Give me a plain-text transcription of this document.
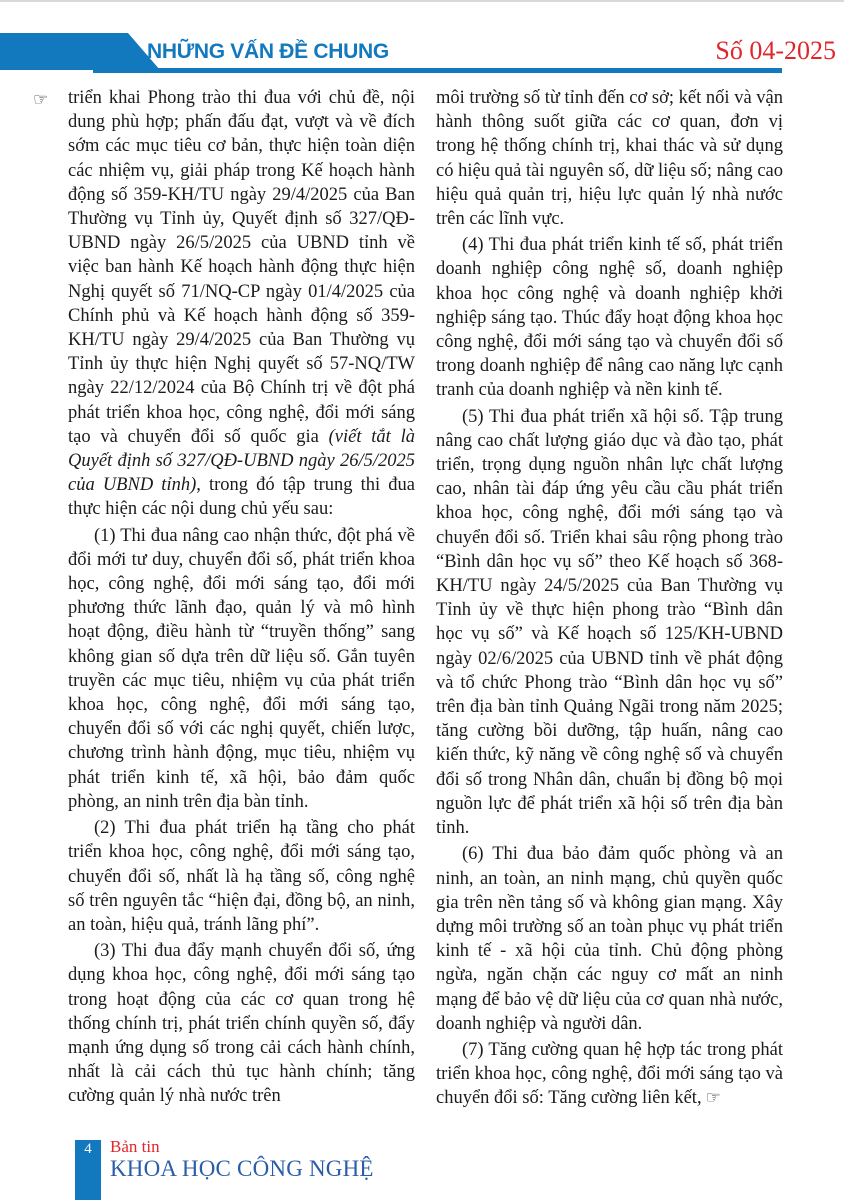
NHỮNG VẤN ĐỀ CHUNG	Số 04-2025
☞ triển khai Phong trào thi đua với chủ đề, nội dung phù hợp; phấn đấu đạt, vượt và về đích sớm các mục tiêu cơ bản, thực hiện toàn diện các nhiệm vụ, giải pháp trong Kế hoạch hành động số 359-KH/TU ngày 29/4/2025 của Ban Thường vụ Tỉnh ủy, Quyết định số 327/QĐ-UBND ngày 26/5/2025 của UBND tỉnh về việc ban hành Kế hoạch hành động thực hiện Nghị quyết số 71/NQ-CP ngày 01/4/2025 của Chính phủ và Kế hoạch hành động số 359-KH/TU ngày 29/4/2025 của Ban Thường vụ Tỉnh ủy thực hiện Nghị quyết số 57-NQ/TW ngày 22/12/2024 của Bộ Chính trị về đột phá phát triển khoa học, công nghệ, đổi mới sáng tạo và chuyển đổi số quốc gia (viết tắt là Quyết định số 327/QĐ-UBND ngày 26/5/2025 của UBND tỉnh), trong đó tập trung thi đua thực hiện các nội dung chủ yếu sau:

(1) Thi đua nâng cao nhận thức, đột phá về đổi mới tư duy, chuyển đổi số, phát triển khoa học, công nghệ, đổi mới sáng tạo, đổi mới phương thức lãnh đạo, quản lý và mô hình hoạt động, điều hành từ “truyền thống” sang không gian số dựa trên dữ liệu số. Gắn tuyên truyền các mục tiêu, nhiệm vụ của phát triển khoa học, công nghệ, đổi mới sáng tạo, chuyển đổi số với các nghị quyết, chiến lược, chương trình hành động, mục tiêu, nhiệm vụ phát triển kinh tế, xã hội, bảo đảm quốc phòng, an ninh trên địa bàn tỉnh.

(2) Thi đua phát triển hạ tầng cho phát triển khoa học, công nghệ, đổi mới sáng tạo, chuyển đổi số, nhất là hạ tầng số, công nghệ số trên nguyên tắc “hiện đại, đồng bộ, an ninh, an toàn, hiệu quả, tránh lãng phí”.

(3) Thi đua đẩy mạnh chuyển đổi số, ứng dụng khoa học, công nghệ, đổi mới sáng tạo trong hoạt động của các cơ quan trong hệ thống chính trị, phát triển chính quyền số, đẩy mạnh ứng dụng số trong cải cách hành chính, nhất là cải cách thủ tục hành chính; tăng cường quản lý nhà nước trên

môi trường số từ tỉnh đến cơ sở; kết nối và vận hành thông suốt giữa các cơ quan, đơn vị trong hệ thống chính trị, khai thác và sử dụng có hiệu quả tài nguyên số, dữ liệu số; nâng cao hiệu quả quản trị, hiệu lực quản lý nhà nước trên các lĩnh vực.

(4) Thi đua phát triển kinh tế số, phát triển doanh nghiệp công nghệ số, doanh nghiệp khoa học công nghệ và doanh nghiệp khởi nghiệp sáng tạo. Thúc đẩy hoạt động khoa học công nghệ, đổi mới sáng tạo và chuyển đổi số trong doanh nghiệp để nâng cao năng lực cạnh tranh của doanh nghiệp và nền kinh tế.

(5) Thi đua phát triển xã hội số. Tập trung nâng cao chất lượng giáo dục và đào tạo, phát triển, trọng dụng nguồn nhân lực chất lượng cao, nhân tài đáp ứng yêu cầu cầu phát triển khoa học, công nghệ, đổi mới sáng tạo và chuyển đổi số. Triển khai sâu rộng phong trào “Bình dân học vụ số” theo Kế hoạch số 368-KH/TU ngày 24/5/2025 của Ban Thường vụ Tỉnh ủy về thực hiện phong trào “Bình dân học vụ số” và Kế hoạch số 125/KH-UBND ngày 02/6/2025 của UBND tỉnh về phát động và tổ chức Phong trào “Bình dân học vụ số” trên địa bàn tỉnh Quảng Ngãi trong năm 2025; tăng cường bồi dưỡng, tập huấn, nâng cao kiến thức, kỹ năng về công nghệ số và chuyển đổi số trong Nhân dân, chuẩn bị đồng bộ mọi nguồn lực để phát triển xã hội số trên địa bàn tỉnh.

(6) Thi đua bảo đảm quốc phòng và an ninh, an toàn, an ninh mạng, chủ quyền quốc gia trên nền tảng số và không gian mạng. Xây dựng môi trường số an toàn phục vụ phát triển kinh tế - xã hội của tỉnh. Chủ động phòng ngừa, ngăn chặn các nguy cơ mất an ninh mạng để bảo vệ dữ liệu của cơ quan nhà nước, doanh nghiệp và người dân.

(7) Tăng cường quan hệ hợp tác trong phát triển khoa học, công nghệ, đổi mới sáng tạo và chuyển đổi số: Tăng cường liên kết, ☞

4	Bản tin
KHOA HỌC CÔNG NGHỆ
